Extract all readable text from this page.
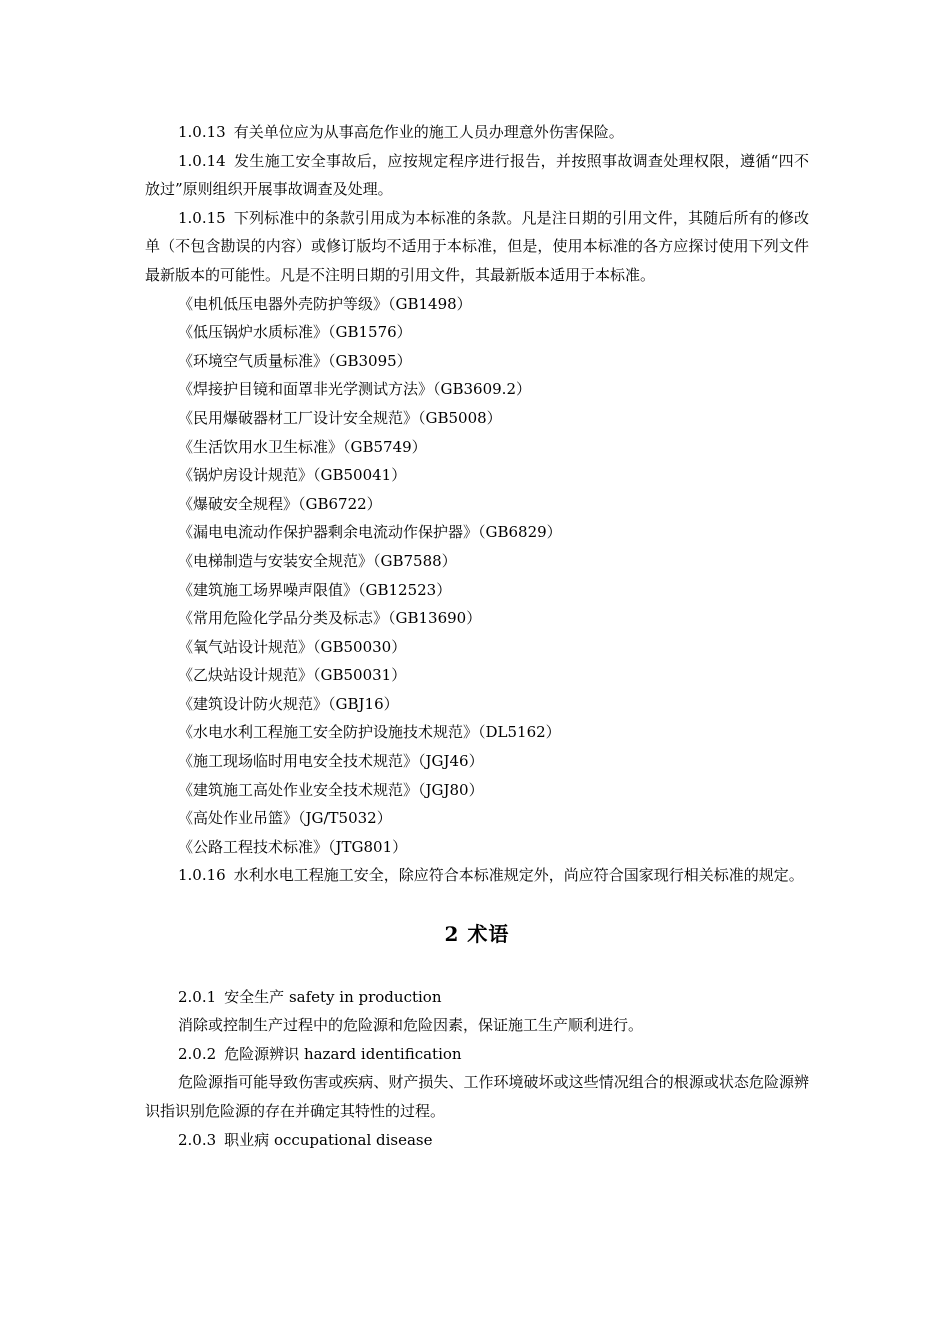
1.0.13 有关单位应为从事高危作业的施工人员办理意外伤害保险。

1.0.14 发生施工安全事故后，应按规定程序进行报告，并按照事故调查处理权限，遵循“四不放过”原则组织开展事故调查及处理。

1.0.15 下列标准中的条款引用成为本标准的条款。凡是注日期的引用文件，其随后所有的修改单（不包含勘误的内容）或修订版均不适用于本标准，但是，使用本标准的各方应探讨使用下列文件最新版本的可能性。凡是不注明日期的引用文件，其最新版本适用于本标准。

《电机低压电器外壳防护等级》（GB1498）

《低压锅炉水质标准》（GB1576）

《环境空气质量标准》（GB3095）

《焊接护目镜和面罩非光学测试方法》（GB3609.2）

《民用爆破器材工厂设计安全规范》（GB5008）

《生活饮用水卫生标准》（GB5749）

《锅炉房设计规范》（GB50041）

《爆破安全规程》（GB6722）

《漏电电流动作保护器剩余电流动作保护器》（GB6829）

《电梯制造与安装安全规范》（GB7588）

《建筑施工场界噪声限值》（GB12523）

《常用危险化学品分类及标志》（GB13690）

《氧气站设计规范》（GB50030）

《乙炔站设计规范》（GB50031）

《建筑设计防火规范》（GBJ16）

《水电水利工程施工安全防护设施技术规范》（DL5162）

《施工现场临时用电安全技术规范》（JGJ46）

《建筑施工高处作业安全技术规范》（JGJ80）

《高处作业吊篮》（JG/T5032）

《公路工程技术标准》（JTG801）

1.0.16 水利水电工程施工安全，除应符合本标准规定外，尚应符合国家现行相关标准的规定。

2 术语

2.0.1 安全生产 safety in production

消除或控制生产过程中的危险源和危险因素，保证施工生产顺利进行。

2.0.2 危险源辨识 hazard identification

危险源指可能导致伤害或疾病、财产损失、工作环境破坏或这些情况组合的根源或状态危险源辨识指识别危险源的存在并确定其特性的过程。

2.0.3 职业病 occupational disease
